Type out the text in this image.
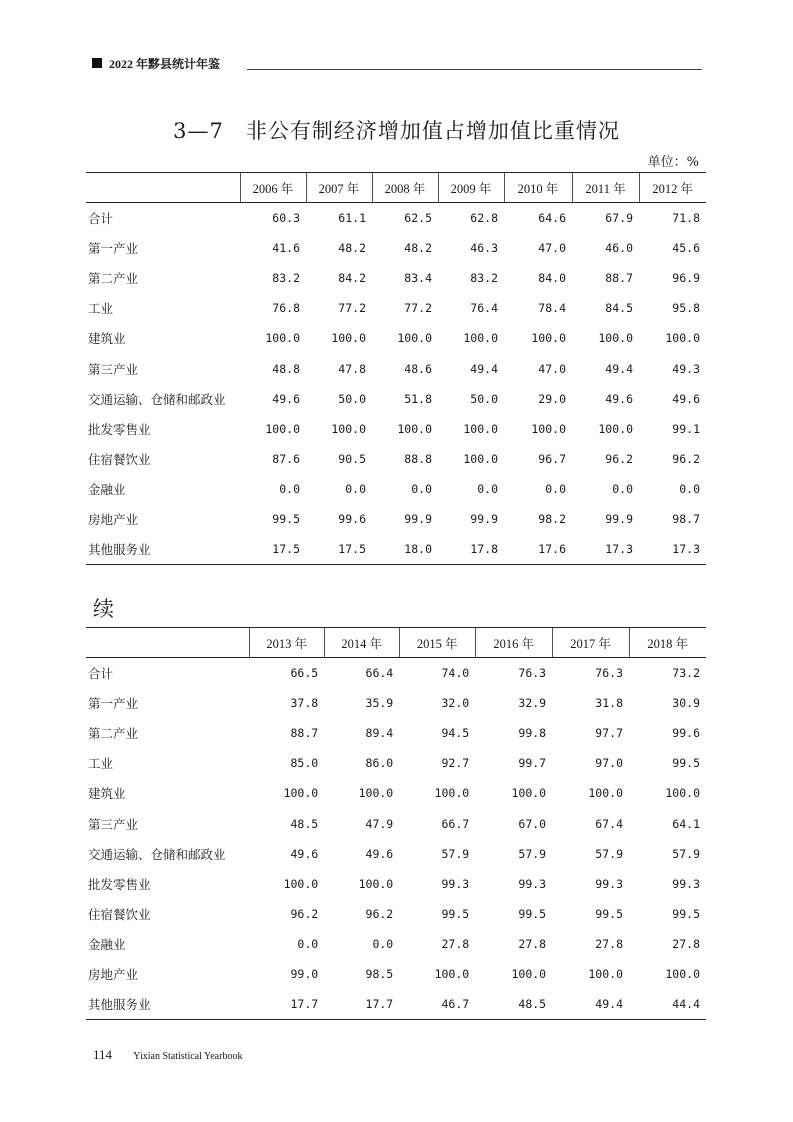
2022 年黟县统计年鉴
3—7　非公有制经济增加值占增加值比重情况
单位：%
	2006 年	2007 年	2008 年	2009 年	2010 年	2011 年	2012 年
合计	60.3	61.1	62.5	62.8	64.6	67.9	71.8
第一产业	41.6	48.2	48.2	46.3	47.0	46.0	45.6
第二产业	83.2	84.2	83.4	83.2	84.0	88.7	96.9
工业	76.8	77.2	77.2	76.4	78.4	84.5	95.8
建筑业	100.0	100.0	100.0	100.0	100.0	100.0	100.0
第三产业	48.8	47.8	48.6	49.4	47.0	49.4	49.3
交通运输、仓储和邮政业	49.6	50.0	51.8	50.0	29.0	49.6	49.6
批发零售业	100.0	100.0	100.0	100.0	100.0	100.0	99.1
住宿餐饮业	87.6	90.5	88.8	100.0	96.7	96.2	96.2
金融业	0.0	0.0	0.0	0.0	0.0	0.0	0.0
房地产业	99.5	99.6	99.9	99.9	98.2	99.9	98.7
其他服务业	17.5	17.5	18.0	17.8	17.6	17.3	17.3
续
	2013 年	2014 年	2015 年	2016 年	2017 年	2018 年
合计	66.5	66.4	74.0	76.3	76.3	73.2
第一产业	37.8	35.9	32.0	32.9	31.8	30.9
第二产业	88.7	89.4	94.5	99.8	97.7	99.6
工业	85.0	86.0	92.7	99.7	97.0	99.5
建筑业	100.0	100.0	100.0	100.0	100.0	100.0
第三产业	48.5	47.9	66.7	67.0	67.4	64.1
交通运输、仓储和邮政业	49.6	49.6	57.9	57.9	57.9	57.9
批发零售业	100.0	100.0	99.3	99.3	99.3	99.3
住宿餐饮业	96.2	96.2	99.5	99.5	99.5	99.5
金融业	0.0	0.0	27.8	27.8	27.8	27.8
房地产业	99.0	98.5	100.0	100.0	100.0	100.0
其他服务业	17.7	17.7	46.7	48.5	49.4	44.4
114 Yixian Statistical Yearbook
